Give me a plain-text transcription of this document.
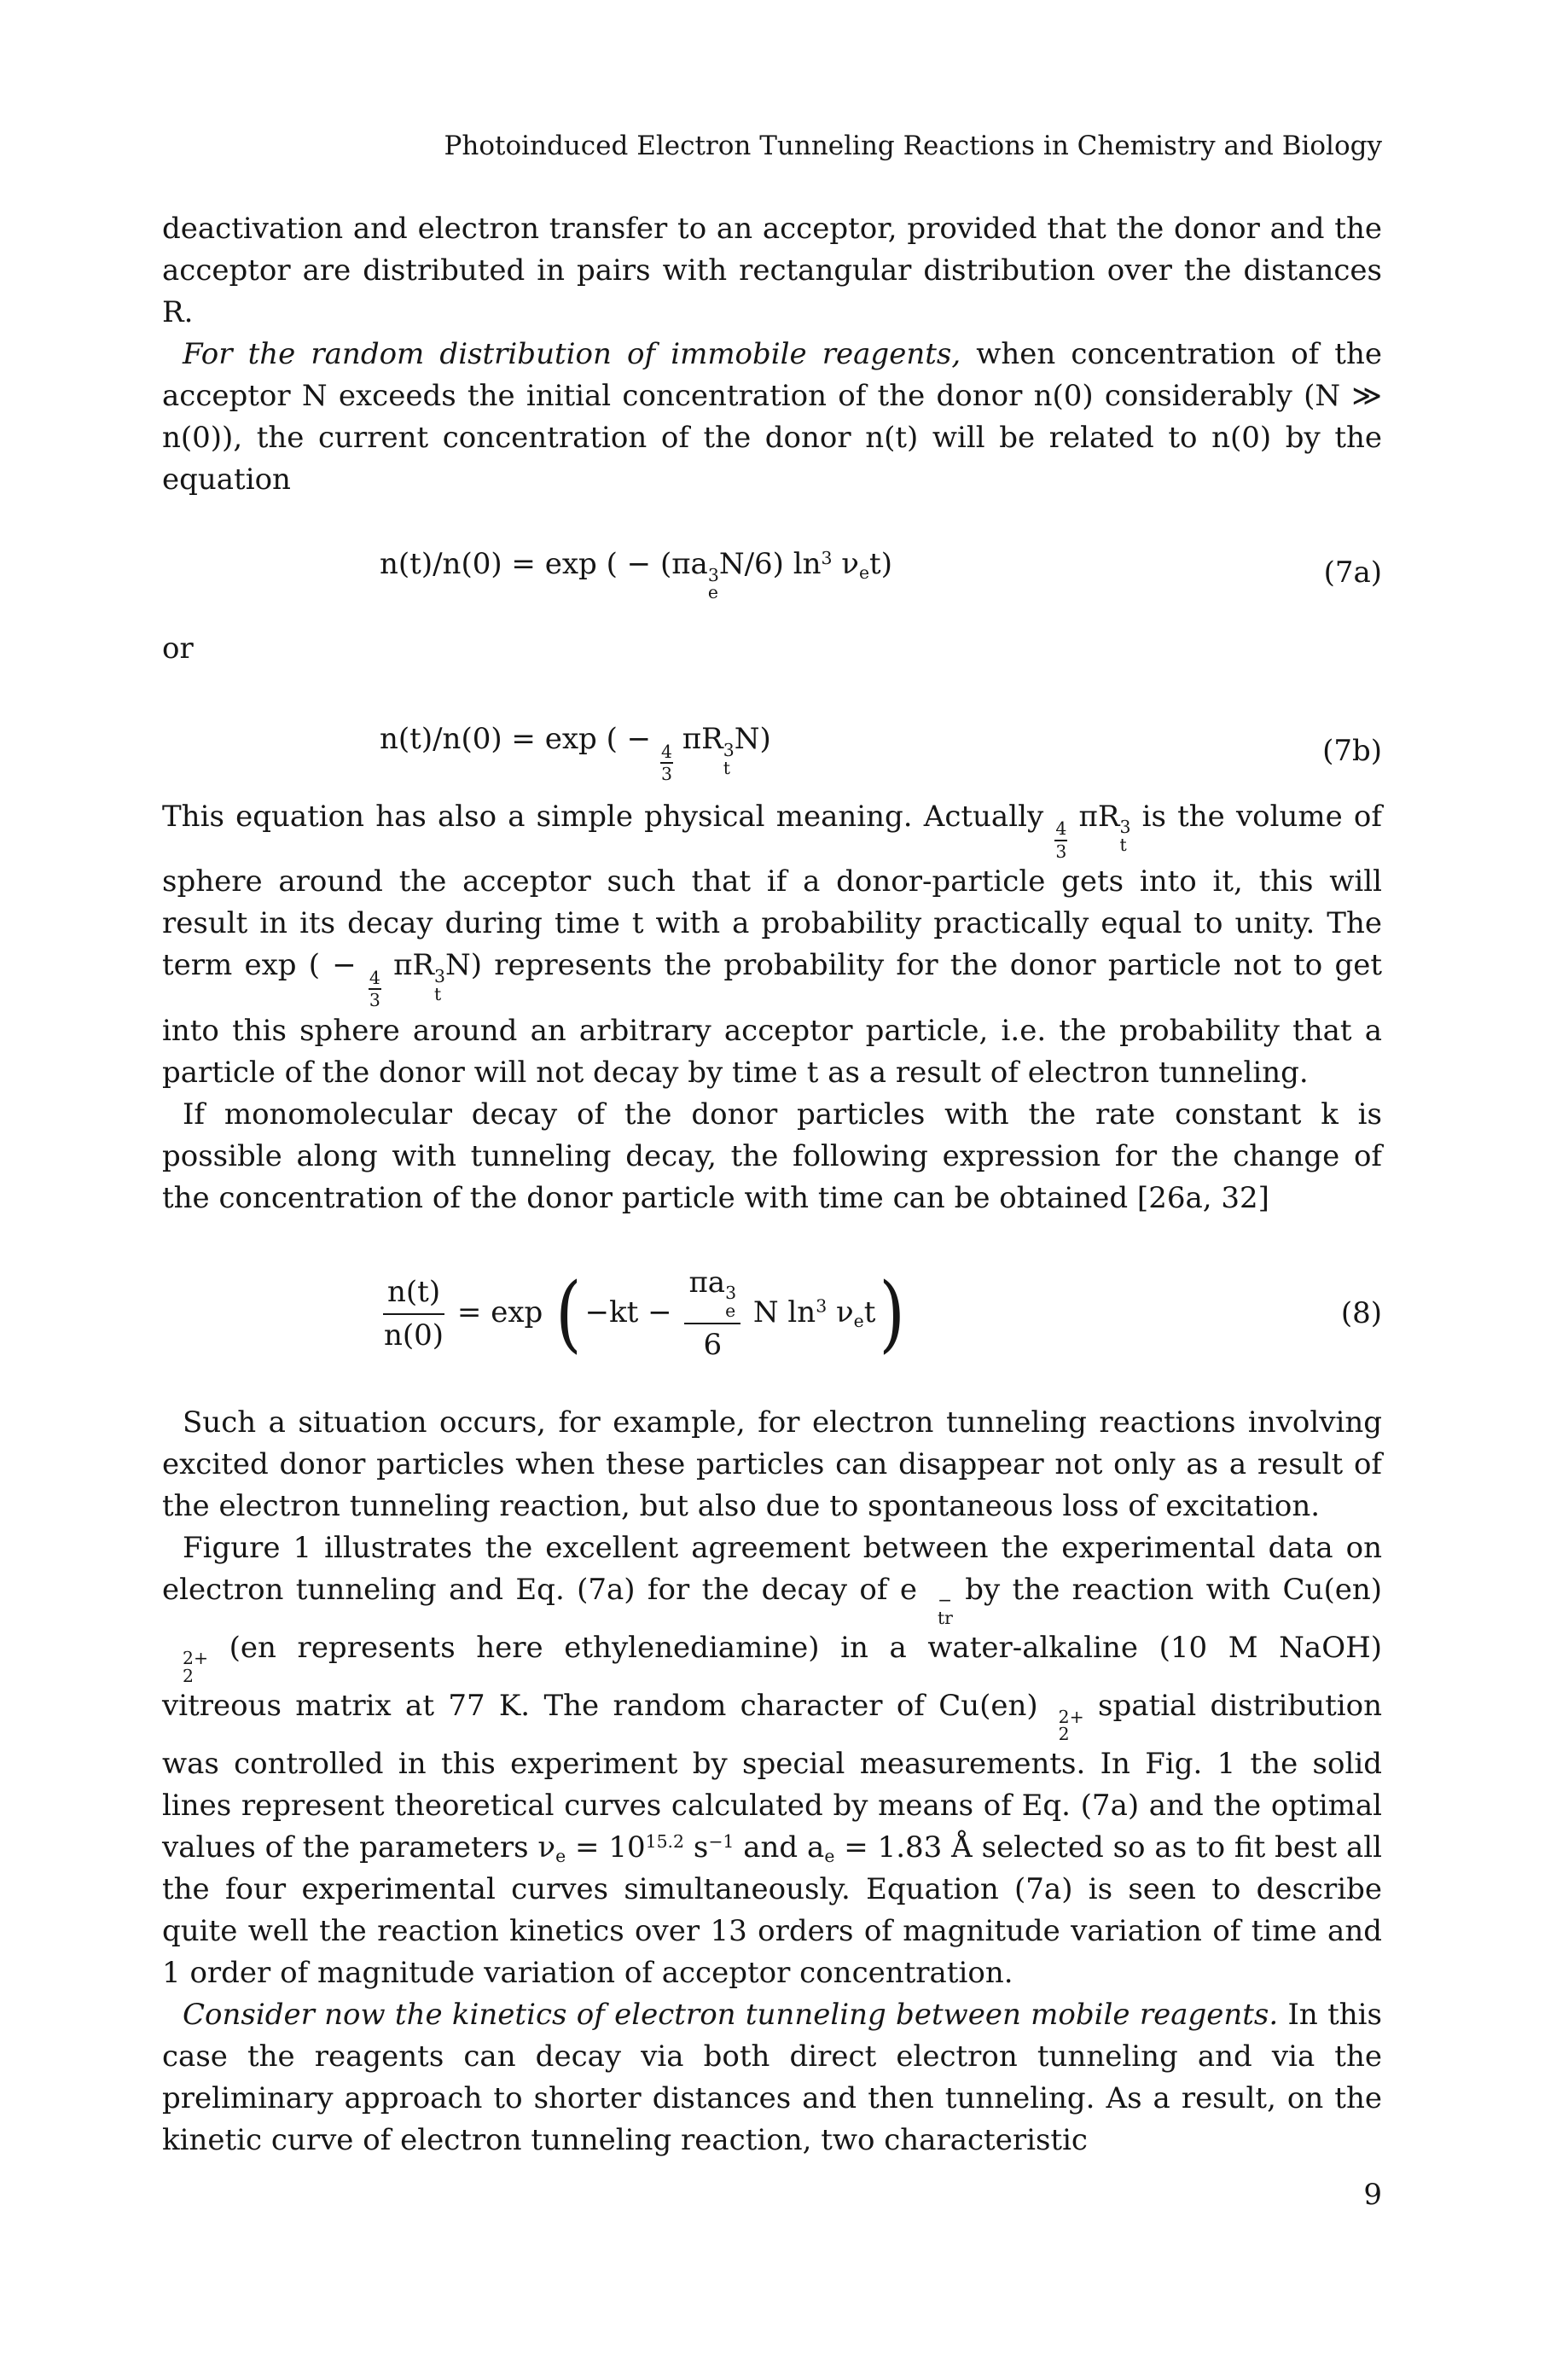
Photoinduced Electron Tunneling Reactions in Chemistry and Biology

deactivation and electron transfer to an acceptor, provided that the donor and the acceptor are distributed in pairs with rectangular distribution over the distances R.

For the random distribution of immobile reagents, when concentration of the acceptor N exceeds the initial concentration of the donor n(0) considerably (N ≫ n(0)), the current concentration of the donor n(t) will be related to n(0) by the equation

n(t)/n(0) = exp ( − (πa 3
e
N/6) $\ln^3 \nu_et$)	(7a)

or

n(t)/n(0) = exp ( −
$\frac{4}{3}$
πR 3
t
N)	(7b)

This equation has also a simple physical meaning. Actually
$\frac{4}{3}$
πR 3
t
is the volume of sphere around the acceptor such that if a donor-particle gets into it, this will result in its decay during time t with a probability practically equal to unity. The term exp ( −
$\frac{4}{3}$
πR 3
t
N) represents the probability for the donor particle not to get into this sphere around an arbitrary acceptor particle, i.e. the probability that a particle of the donor will not decay by time t as a result of electron tunneling.

If monomolecular decay of the donor particles with the rate constant k is possible along with tunneling decay, the following expression for the change of the concentration of the donor particle with time can be obtained [26a, 32]

$\frac{n(t)}{n(0)} = \exp$ ( −kt − πa 3
e
6 N $\ln^3 \nu_et$)	(8)

Such a situation occurs, for example, for electron tunneling reactions involving excited donor particles when these particles can disappear not only as a result of the electron tunneling reaction, but also due to spontaneous loss of excitation.

Figure 1 illustrates the excellent agreement between the experimental data on electron tunneling and Eq. (7a) for the decay of e	−
tr
by the reaction with Cu(en)
2+
2
(en represents here ethylenediamine) in a water-alkaline (10 M NaOH) vitreous matrix at 77 K. The random character of Cu(en)	2+
2
spatial distribution was controlled in this experiment by special measurements. In Fig. 1 the solid lines represent theoretical curves calculated by means of Eq. (7a) and the optimal values of the parameters $\nu_e = 10^{15.2}$ $s^{-1}$ and $a_e = 1.83$ Å selected so as to fit best all the four experimental curves simultaneously. Equation (7a) is seen to describe quite well the reaction kinetics over 13 orders of magnitude variation of time and 1 order of magnitude variation of acceptor concentration.

Consider now the kinetics of electron tunneling between mobile reagents. In this case the reagents can decay via both direct electron tunneling and via the preliminary approach to shorter distances and then tunneling. As a result, on the kinetic curve of electron tunneling reaction, two characteristic

9
